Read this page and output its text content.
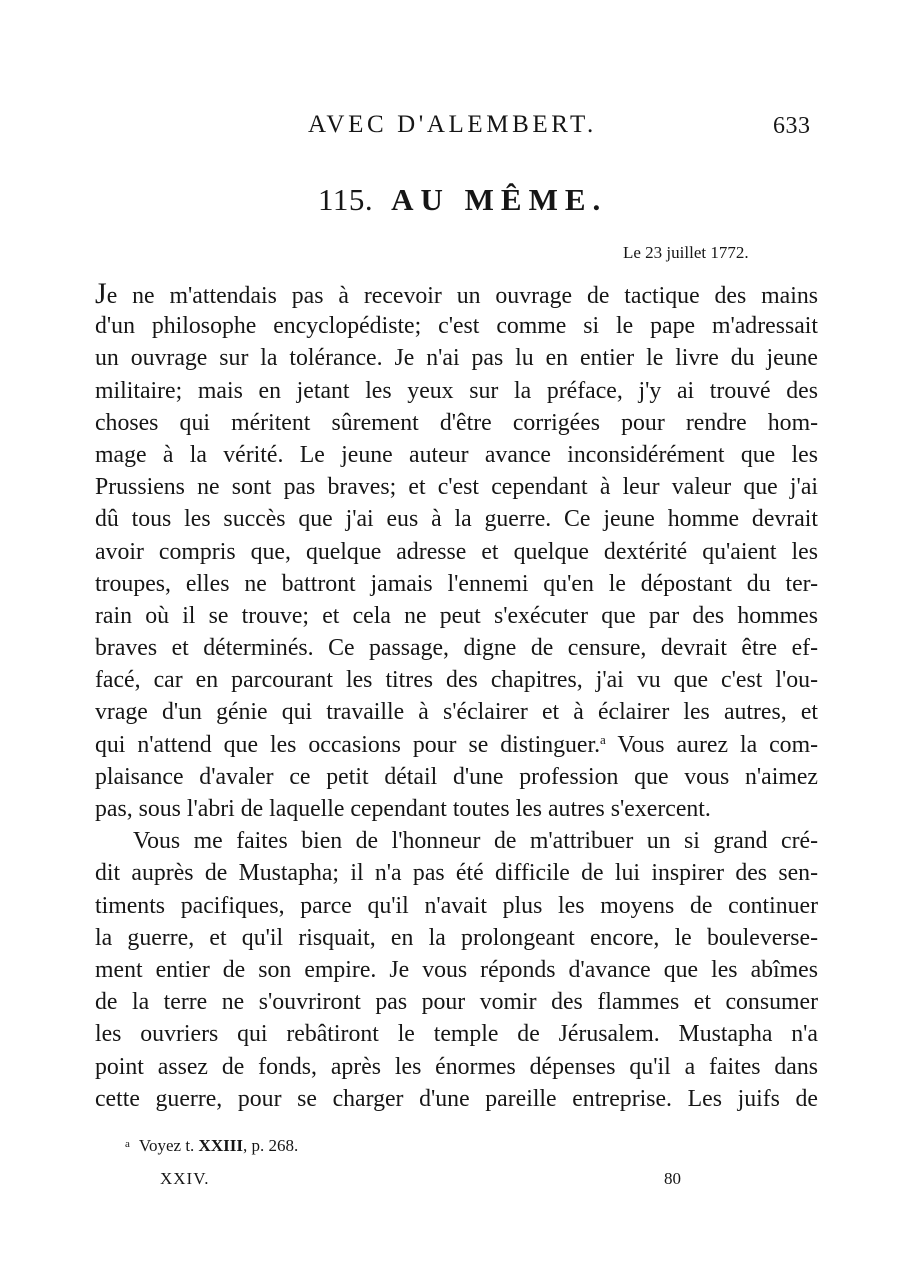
AVEC D'ALEMBERT.	633
115. AU MÊME.
Le 23 juillet 1772.
Je ne m'attendais pas à recevoir un ouvrage de tactique des mains
d'un philosophe encyclopédiste; c'est comme si le pape m'adressait
un ouvrage sur la tolérance. Je n'ai pas lu en entier le livre du jeune
militaire; mais en jetant les yeux sur la préface, j'y ai trouvé des
choses qui méritent sûrement d'être corrigées pour rendre hom-
mage à la vérité. Le jeune auteur avance inconsidérément que les
Prussiens ne sont pas braves; et c'est cependant à leur valeur que j'ai
dû tous les succès que j'ai eus à la guerre. Ce jeune homme devrait
avoir compris que, quelque adresse et quelque dextérité qu'aient les
troupes, elles ne battront jamais l'ennemi qu'en le dépostant du ter-
rain où il se trouve; et cela ne peut s'exécuter que par des hommes
braves et déterminés. Ce passage, digne de censure, devrait être ef-
facé, car en parcourant les titres des chapitres, j'ai vu que c'est l'ou-
vrage d'un génie qui travaille à s'éclairer et à éclairer les autres, et
qui n'attend que les occasions pour se distinguer.$^a$ Vous aurez la com-
plaisance d'avaler ce petit détail d'une profession que vous n'aimez
pas, sous l'abri de laquelle cependant toutes les autres s'exercent.
Vous me faites bien de l'honneur de m'attribuer un si grand cré-
dit auprès de Mustapha; il n'a pas été difficile de lui inspirer des sen-
timents pacifiques, parce qu'il n'avait plus les moyens de continuer
la guerre, et qu'il risquait, en la prolongeant encore, le bouleverse-
ment entier de son empire. Je vous réponds d'avance que les abîmes
de la terre ne s'ouvriront pas pour vomir des flammes et consumer
les ouvriers qui rebâtiront le temple de Jérusalem. Mustapha n'a
point assez de fonds, après les énormes dépenses qu'il a faites dans
cette guerre, pour se charger d'une pareille entreprise. Les juifs de
$^a$ Voyez t. XXIII, p. 268.
XXIV.	80
